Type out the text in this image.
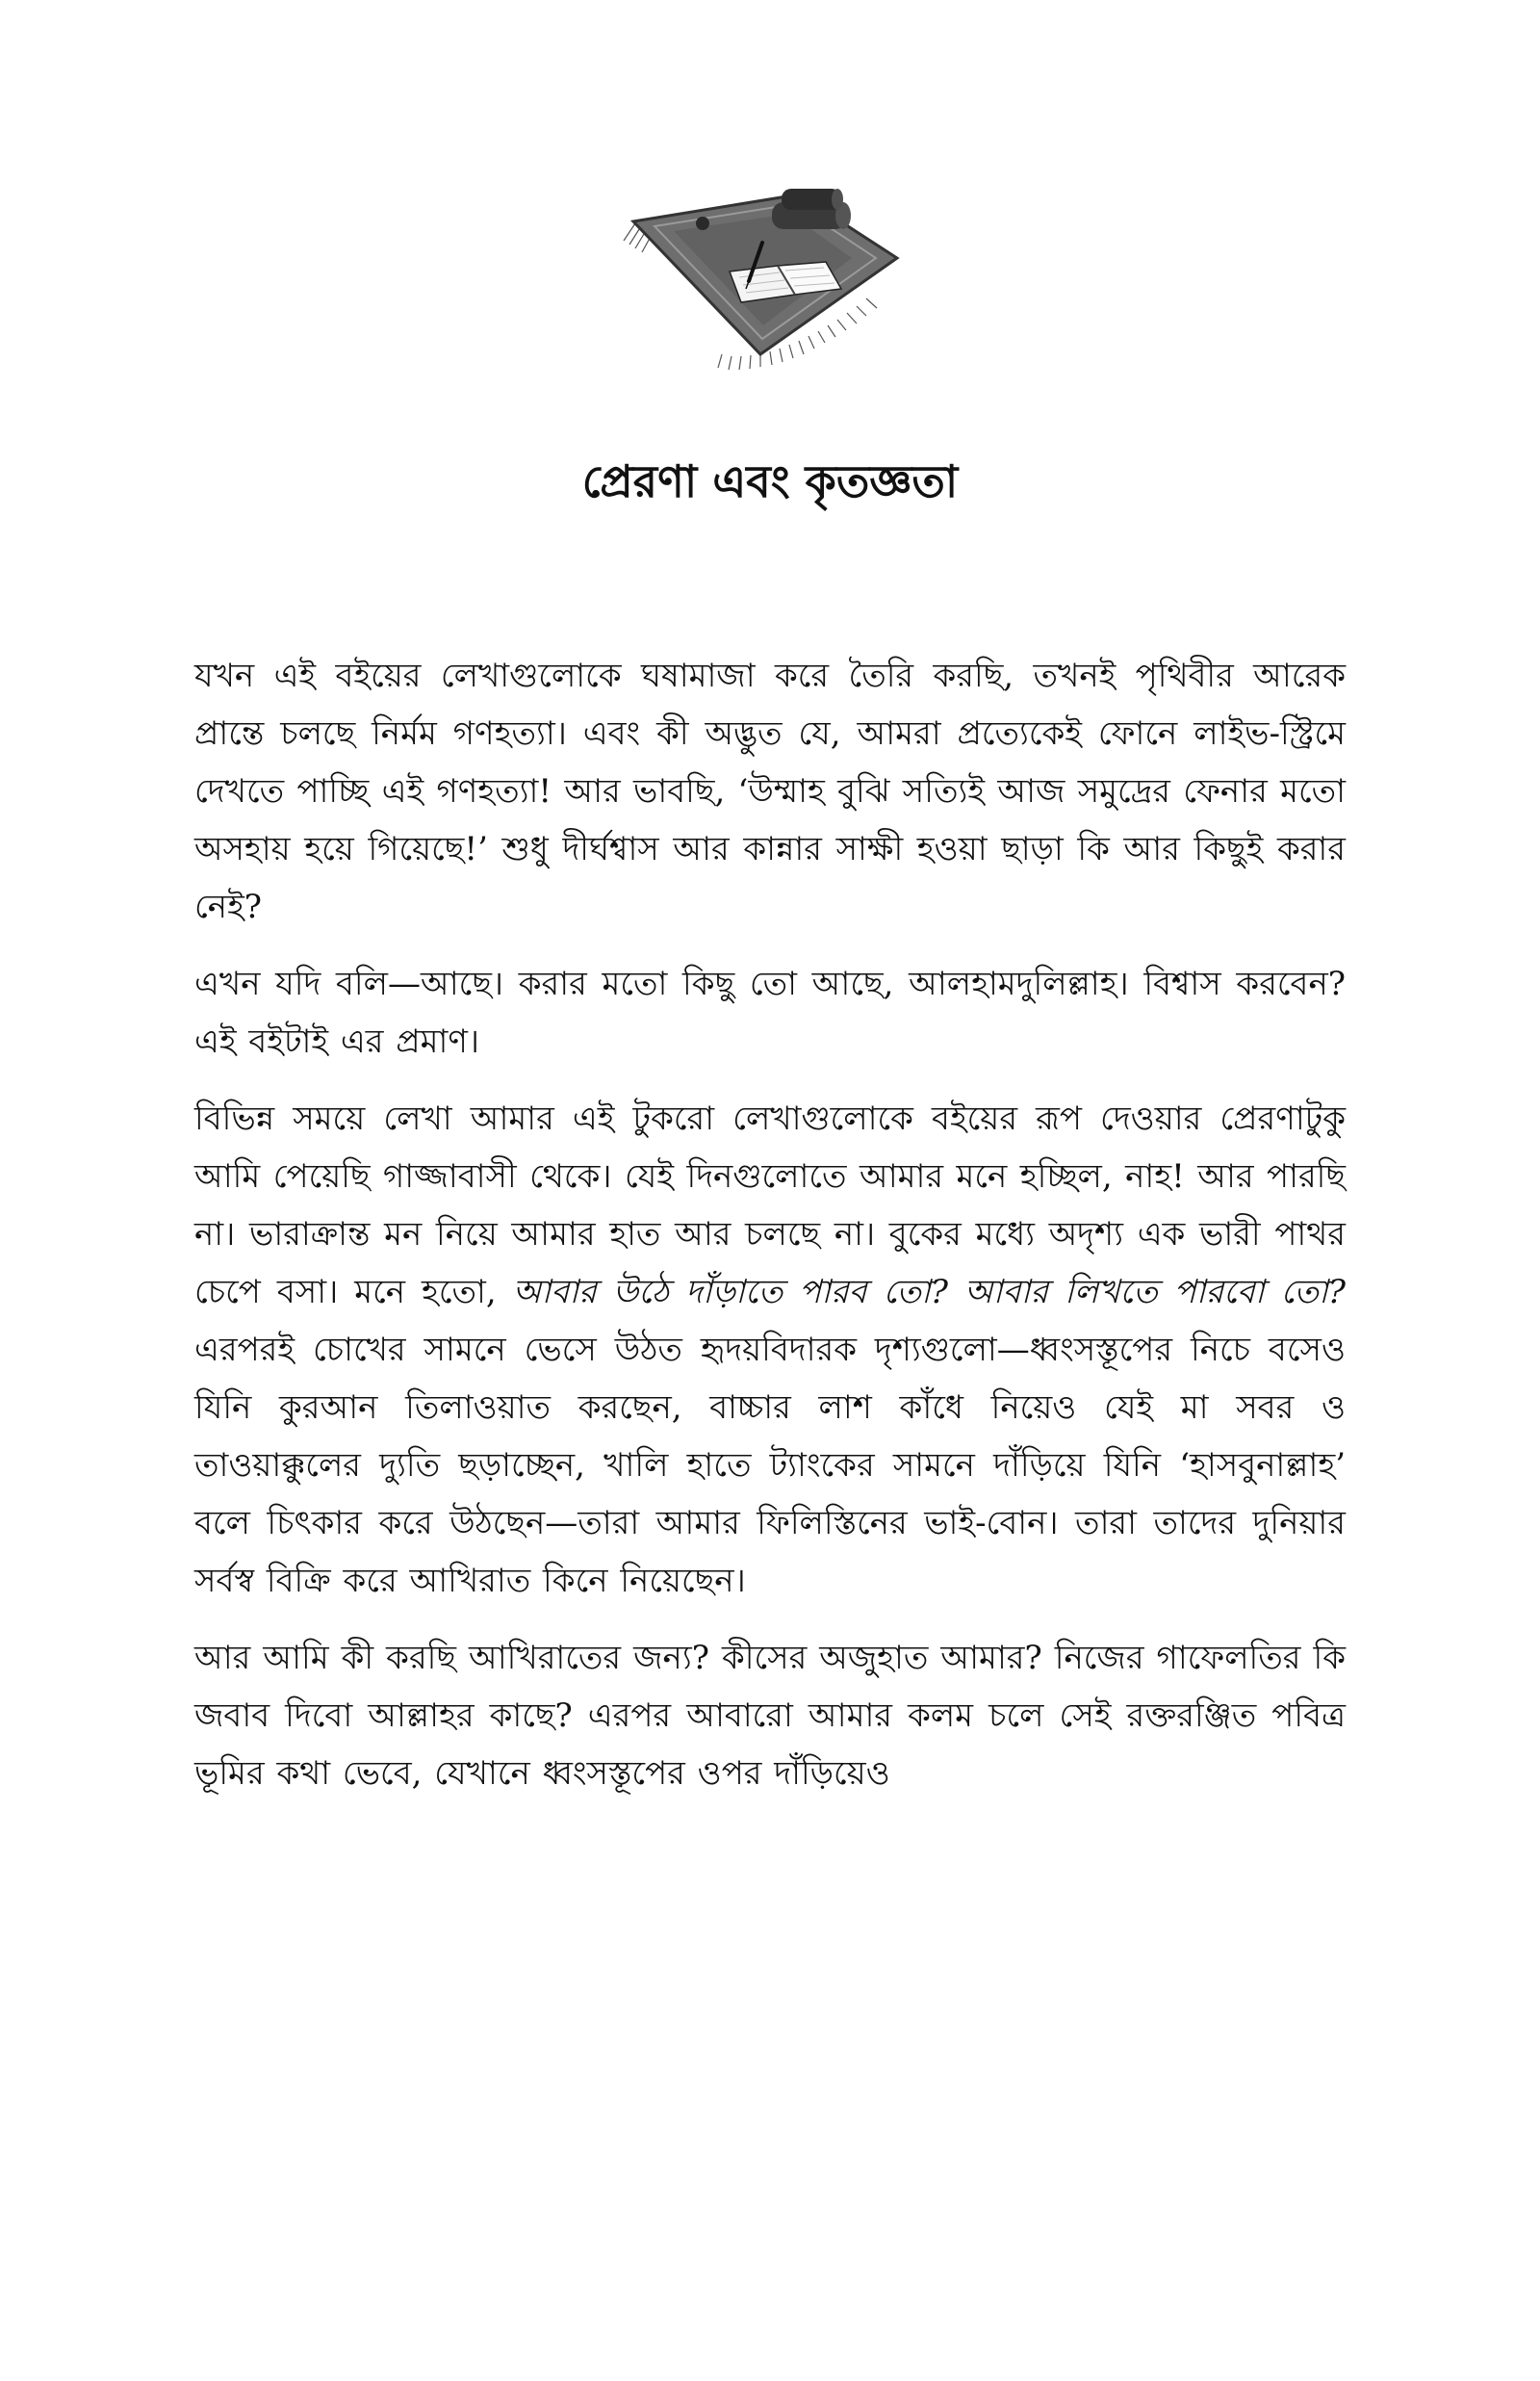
প্রেরণা এবং কৃতজ্ঞতা

যখন এই বইয়ের লেখাগুলোকে ঘষামাজা করে তৈরি করছি, তখনই পৃথিবীর আরেক প্রান্তে চলছে নির্মম গণহত্যা। এবং কী অদ্ভুত যে, আমরা প্রত্যেকেই ফোনে লাইভ-স্ট্রিমে দেখতে পাচ্ছি এই গণহত্যা! আর ভাবছি, ‘উম্মাহ বুঝি সত্যিই আজ সমুদ্রের ফেনার মতো অসহায় হয়ে গিয়েছে!’ শুধু দীর্ঘশ্বাস আর কান্নার সাক্ষী হওয়া ছাড়া কি আর কিছুই করার নেই?

এখন যদি বলি—আছে। করার মতো কিছু তো আছে, আলহামদুলিল্লাহ। বিশ্বাস করবেন? এই বইটাই এর প্রমাণ।

বিভিন্ন সময়ে লেখা আমার এই টুকরো লেখাগুলোকে বইয়ের রূপ দেওয়ার প্রেরণাটুকু আমি পেয়েছি গাজ্জাবাসী থেকে। যেই দিনগুলোতে আমার মনে হচ্ছিল, নাহ! আর পারছি না। ভারাক্রান্ত মন নিয়ে আমার হাত আর চলছে না। বুকের মধ্যে অদৃশ্য এক ভারী পাথর চেপে বসা। মনে হতো, আবার উঠে দাঁড়াতে পারব তো? আবার লিখতে পারবো তো? এরপরই চোখের সামনে ভেসে উঠত হৃদয়বিদারক দৃশ্যগুলো—ধ্বংসস্তূপের নিচে বসেও যিনি কুরআন তিলাওয়াত করছেন, বাচ্চার লাশ কাঁধে নিয়েও যেই মা সবর ও তাওয়াক্কুলের দ্যুতি ছড়াচ্ছেন, খালি হাতে ট্যাংকের সামনে দাঁড়িয়ে যিনি ‘হাসবুনাল্লাহ’ বলে চিৎকার করে উঠছেন—তারা আমার ফিলিস্তিনের ভাই-বোন। তারা তাদের দুনিয়ার সর্বস্ব বিক্রি করে আখিরাত কিনে নিয়েছেন।

আর আমি কী করছি আখিরাতের জন্য? কীসের অজুহাত আমার? নিজের গাফেলতির কি জবাব দিবো আল্লাহর কাছে? এরপর আবারো আমার কলম চলে সেই রক্তরঞ্জিত পবিত্র ভূমির কথা ভেবে, যেখানে ধ্বংসস্তূপের ওপর দাঁড়িয়েও
